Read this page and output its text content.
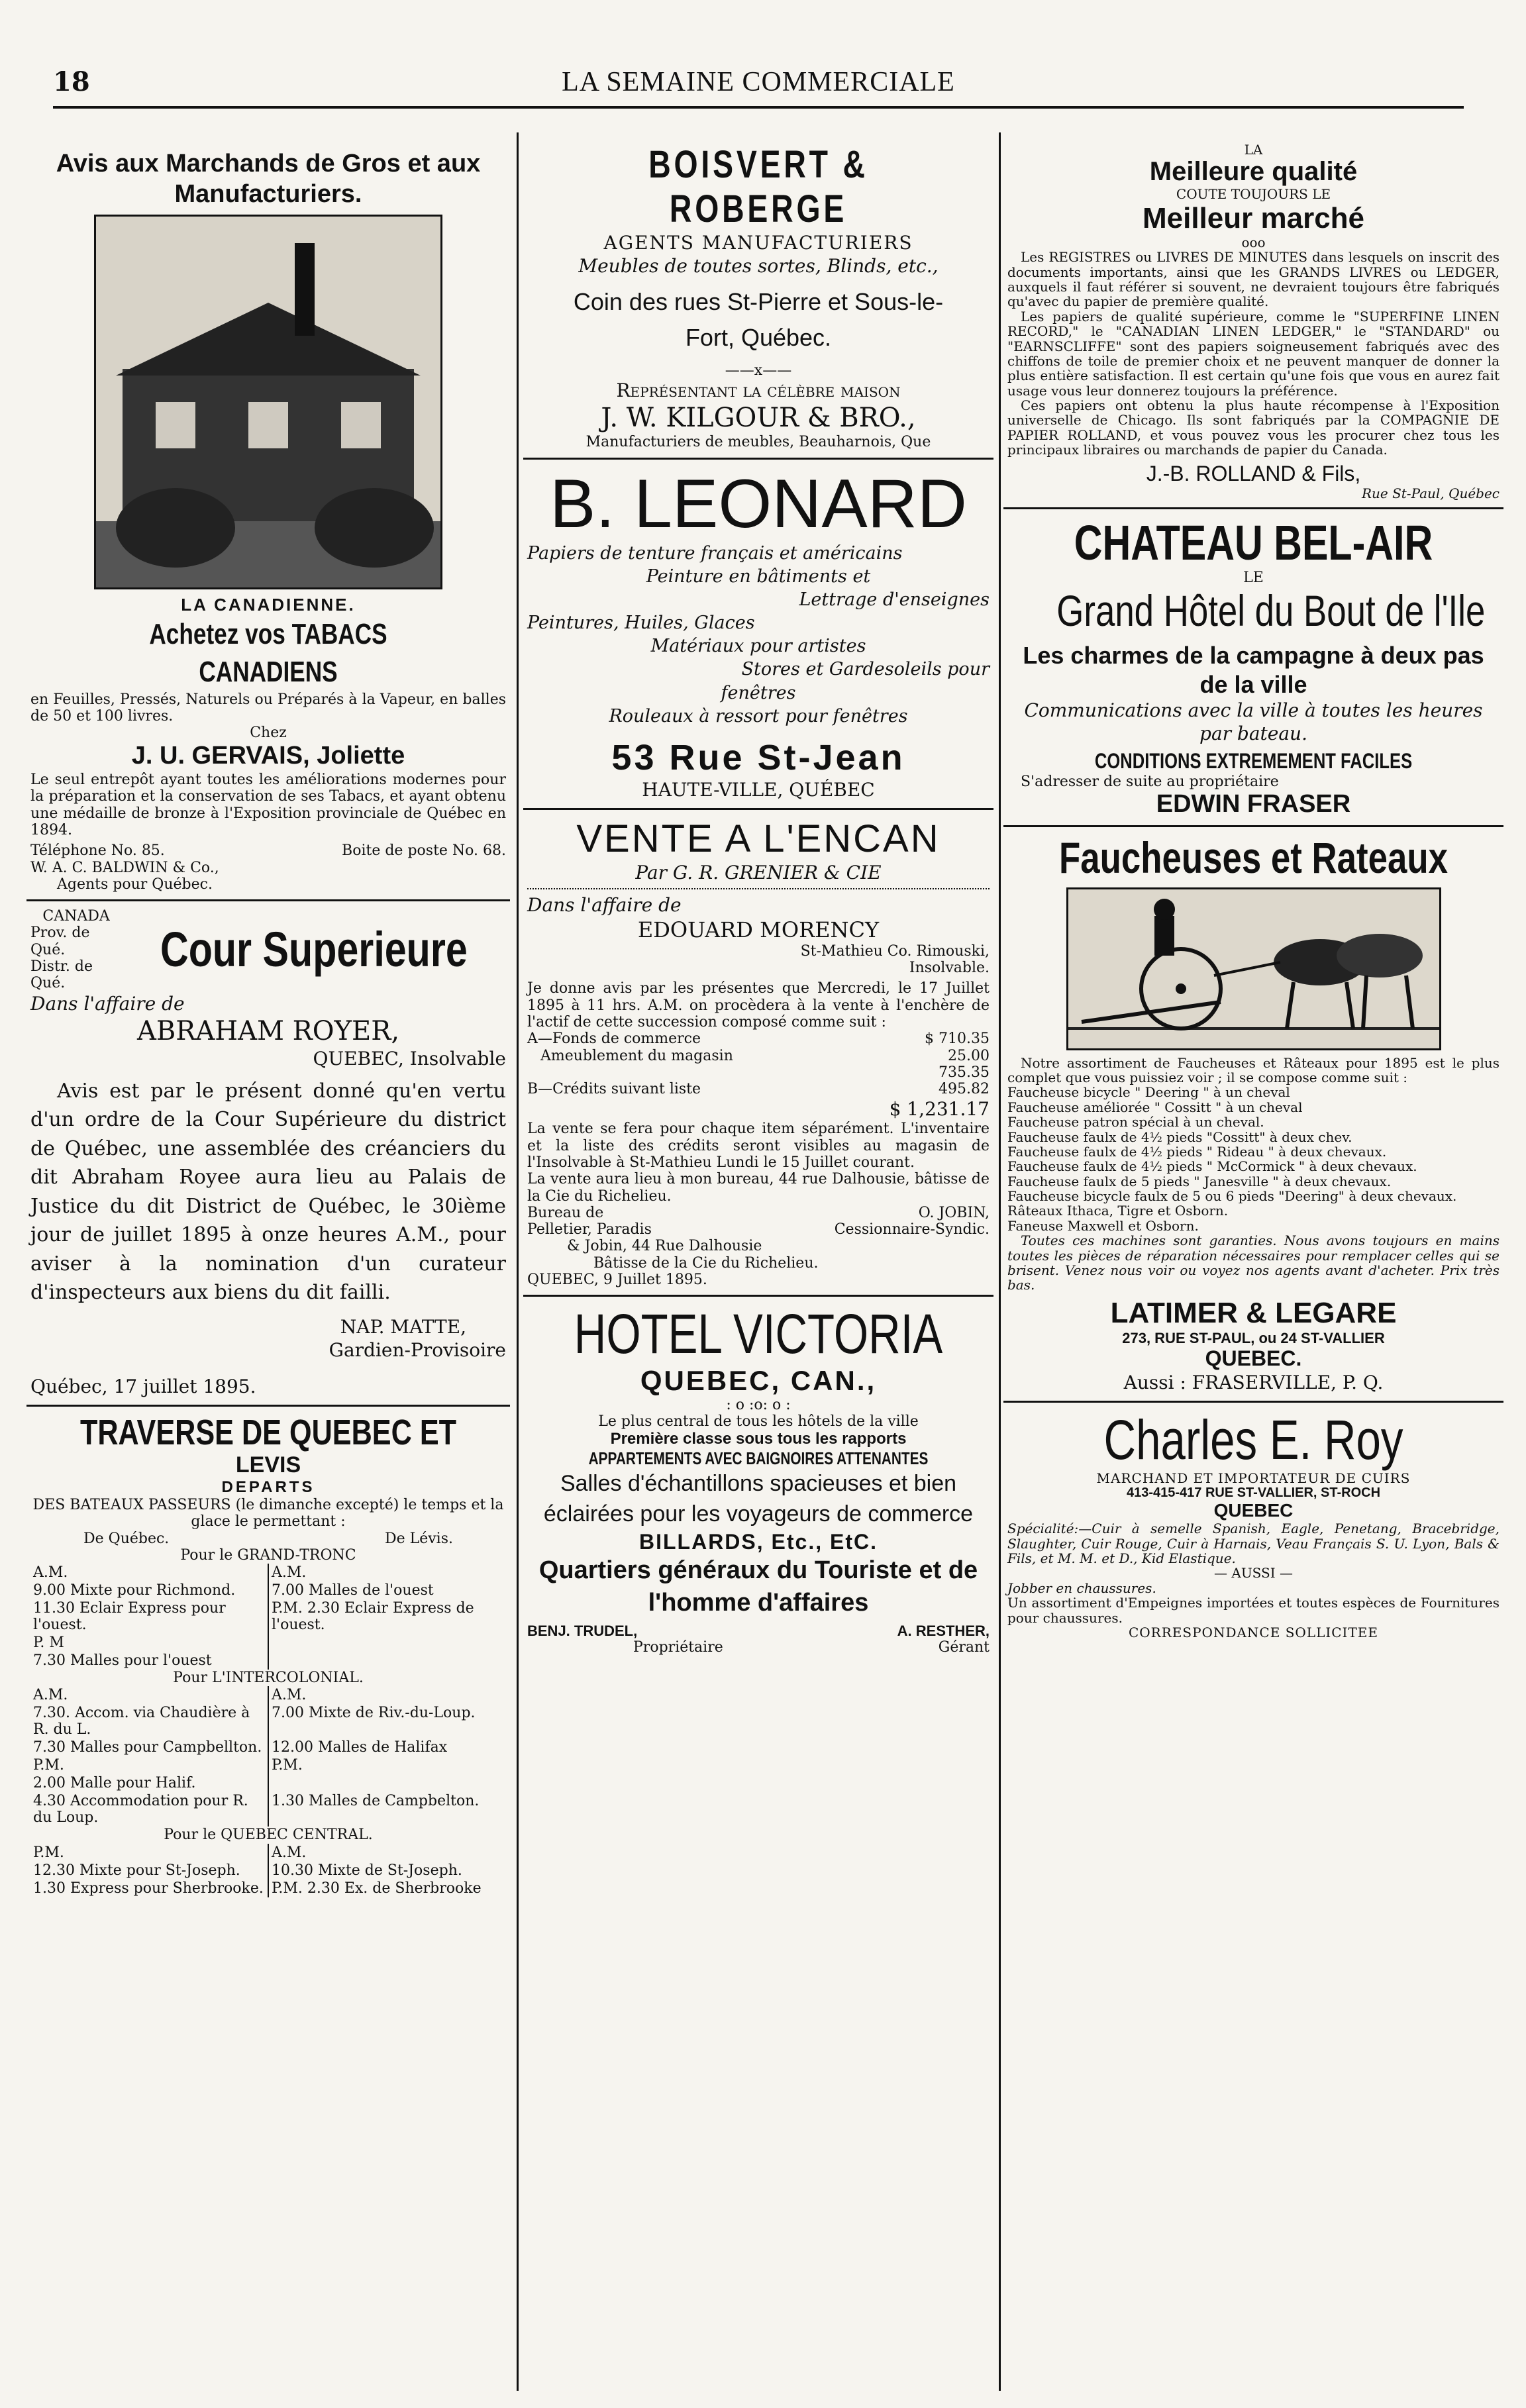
18	LA SEMAINE COMMERCIALE
Avis aux Marchands de Gros et aux Manufacturiers.
LA CANADIENNE.
Achetez vos TABACS CANADIENS
en Feuilles, Pressés, Naturels ou Préparés à la Vapeur, en balles de 50 et 100 livres.
Chez
J. U. GERVAIS, Joliette
Le seul entrepôt ayant toutes les améliorations modernes pour la préparation et la conservation de ses Tabacs, et ayant obtenu une médaille de bronze à l'Exposition provinciale de Québec en 1894.
Téléphone No. 85.	Boite de poste No. 68.
W. A. C. BALDWIN & Co.,
Agents pour Québec.
CANADA
Prov. de Qué.
Distr. de Qué.
Cour Superieure
Dans l'affaire de
ABRAHAM ROYER,
QUEBEC, Insolvable
Avis est par le présent donné qu'en vertu d'un ordre de la Cour Supérieure du district de Québec, une assemblée des créanciers du dit Abraham Royee aura lieu au Palais de Justice du dit District de Québec, le 30ième jour de juillet 1895 à onze heures A.M., pour aviser à la nomination d'un curateur d'inspecteurs aux biens du dit failli.
NAP. MATTE,
Gardien-Provisoire
Québec, 17 juillet 1895.
TRAVERSE DE QUEBEC ET
LEVIS
DEPARTS
DES BATEAUX PASSEURS (le dimanche excepté) le temps et la glace le permettant :
De Québec.	De Lévis.
Pour le GRAND-TRONC
A.M.	A.M.
9.00 Mixte pour Richmond.	7.00 Malles de l'ouest
11.30 Eclair Express pour l'ouest.	P.M. 2.30 Eclair Express de l'ouest.
P. M	
7.30 Malles pour l'ouest	
Pour L'INTERCOLONIAL.
A.M.	A.M.
7.30. Accom. via Chaudière à R. du L.	7.00 Mixte de Riv.-du-Loup.
7.30 Malles pour Campbellton.	12.00 Malles de Halifax
P.M.	P.M.
2.00 Malle pour Halif.	
4.30 Accommodation pour R. du Loup.	1.30 Malles de Campbelton.
Pour le QUEBEC CENTRAL.
P.M.	A.M.
12.30 Mixte pour St-Joseph.	10.30 Mixte de St-Joseph.
1.30 Express pour Sherbrooke.	P.M. 2.30 Ex. de Sherbrooke
BOISVERT & ROBERGE
AGENTS MANUFACTURIERS
Meubles de toutes sortes, Blinds, etc.,
Coin des rues St-Pierre et Sous-le-Fort, Québec.
——x——
Représentant la célèbre maison
J. W. KILGOUR & BRO.,
Manufacturiers de meubles, Beauharnois, Que
B. LEONARD
Papiers de tenture français et américains
Peinture en bâtiments et
Lettrage d'enseignes
Peintures, Huiles, Glaces
Matériaux pour artistes
Stores et Gardesoleils pour
fenêtres
Rouleaux à ressort pour fenêtres
53 Rue St-Jean
HAUTE-VILLE, QUÉBEC
VENTE A L'ENCAN
Par G. R. GRENIER & CIE
Dans l'affaire de
EDOUARD MORENCY
St-Mathieu Co. Rimouski,
Insolvable.
Je donne avis par les présentes que Mercredi, le 17 Juillet 1895 à 11 hrs. A.M. on procèdera à la vente à l'enchère de l'actif de cette succession composé comme suit :
A—Fonds de commerce	$ 710.35
Ameublement du magasin	25.00
735.35
B—Crédits suivant liste	495.82
$ 1,231.17
La vente se fera pour chaque item séparément. L'inventaire et la liste des crédits seront visibles au magasin de l'Insolvable à St-Mathieu Lundi le 15 Juillet courant.
La vente aura lieu à mon bureau, 44 rue Dalhousie, bâtisse de la Cie du Richelieu.
Bureau de	O. JOBIN,
Pelletier, Paradis	Cessionnaire-Syndic.
& Jobin, 44 Rue Dalhousie
Bâtisse de la Cie du Richelieu.
QUEBEC, 9 Juillet 1895.
HOTEL VICTORIA
QUEBEC, CAN.,
: o :o: o :
Le plus central de tous les hôtels de la ville
Première classe sous tous les rapports
APPARTEMENTS AVEC BAIGNOIRES ATTENANTES
Salles d'échantillons spacieuses et bien éclairées pour les voyageurs de commerce
BILLARDS, Etc., EtC.
Quartiers généraux du Touriste et de l'homme d'affaires
BENJ. TRUDEL,	A. RESTHER,
Propriétaire	Gérant
LA
Meilleure qualité
COUTE TOUJOURS LE
Meilleur marché
ooo
Les REGISTRES ou LIVRES DE MINUTES dans lesquels on inscrit des documents importants, ainsi que les GRANDS LIVRES ou LEDGER, auxquels il faut référer si souvent, ne devraient toujours être fabriqués qu'avec du papier de première qualité.
Les papiers de qualité supérieure, comme le "SUPERFINE LINEN RECORD," le "CANADIAN LINEN LEDGER," le "STANDARD" ou "EARNSCLIFFE" sont des papiers soigneusement fabriqués avec des chiffons de toile de premier choix et ne peuvent manquer de donner la plus entière satisfaction. Il est certain qu'une fois que vous en aurez fait usage vous leur donnerez toujours la préférence.
Ces papiers ont obtenu la plus haute récompense à l'Exposition universelle de Chicago. Ils sont fabriqués par la COMPAGNIE DE PAPIER ROLLAND, et vous pouvez vous les procurer chez tous les principaux libraires ou marchands de papier du Canada.
J.-B. ROLLAND & Fils,
Rue St-Paul, Québec
CHATEAU BEL-AIR
LE
Grand Hôtel du Bout de l'Ile
Les charmes de la campagne à deux pas de la ville
Communications avec la ville à toutes les heures par bateau.
CONDITIONS EXTREMEMENT FACILES
S'adresser de suite au propriétaire
EDWIN FRASER
Faucheuses et Rateaux
Notre assortiment de Faucheuses et Râteaux pour 1895 est le plus complet que vous puissiez voir ; il se compose comme suit :
Faucheuse bicycle " Deering " à un cheval
Faucheuse améliorée " Cossitt " à un cheval
Faucheuse patron spécial à un cheval.
Faucheuse faulx de 4½ pieds "Cossitt" à deux chev.
Faucheuse faulx de 4½ pieds " Rideau " à deux chevaux.
Faucheuse faulx de 4½ pieds " McCormick " à deux chevaux.
Faucheuse faulx de 5 pieds " Janesville " à deux chevaux.
Faucheuse bicycle faulx de 5 ou 6 pieds "Deering" à deux chevaux.
Râteaux Ithaca, Tigre et Osborn.
Faneuse Maxwell et Osborn.
Toutes ces machines sont garanties. Nous avons toujours en mains toutes les pièces de réparation nécessaires pour remplacer celles qui se brisent. Venez nous voir ou voyez nos agents avant d'acheter. Prix très bas.
LATIMER & LEGARE
273, RUE ST-PAUL, ou 24 ST-VALLIER
QUEBEC.
Aussi : FRASERVILLE, P. Q.
Charles E. Roy
MARCHAND ET IMPORTATEUR DE CUIRS
413-415-417 RUE ST-VALLIER, ST-ROCH
QUEBEC
Spécialité:—Cuir à semelle Spanish, Eagle, Penetang, Bracebridge, Slaughter, Cuir Rouge, Cuir à Harnais, Veau Français S. U. Lyon, Bals & Fils, et M. M. et D., Kid Elastique.
— AUSSI —
Jobber en chaussures.
Un assortiment d'Empeignes importées et toutes espèces de Fournitures pour chaussures.
CORRESPONDANCE SOLLICITEE
